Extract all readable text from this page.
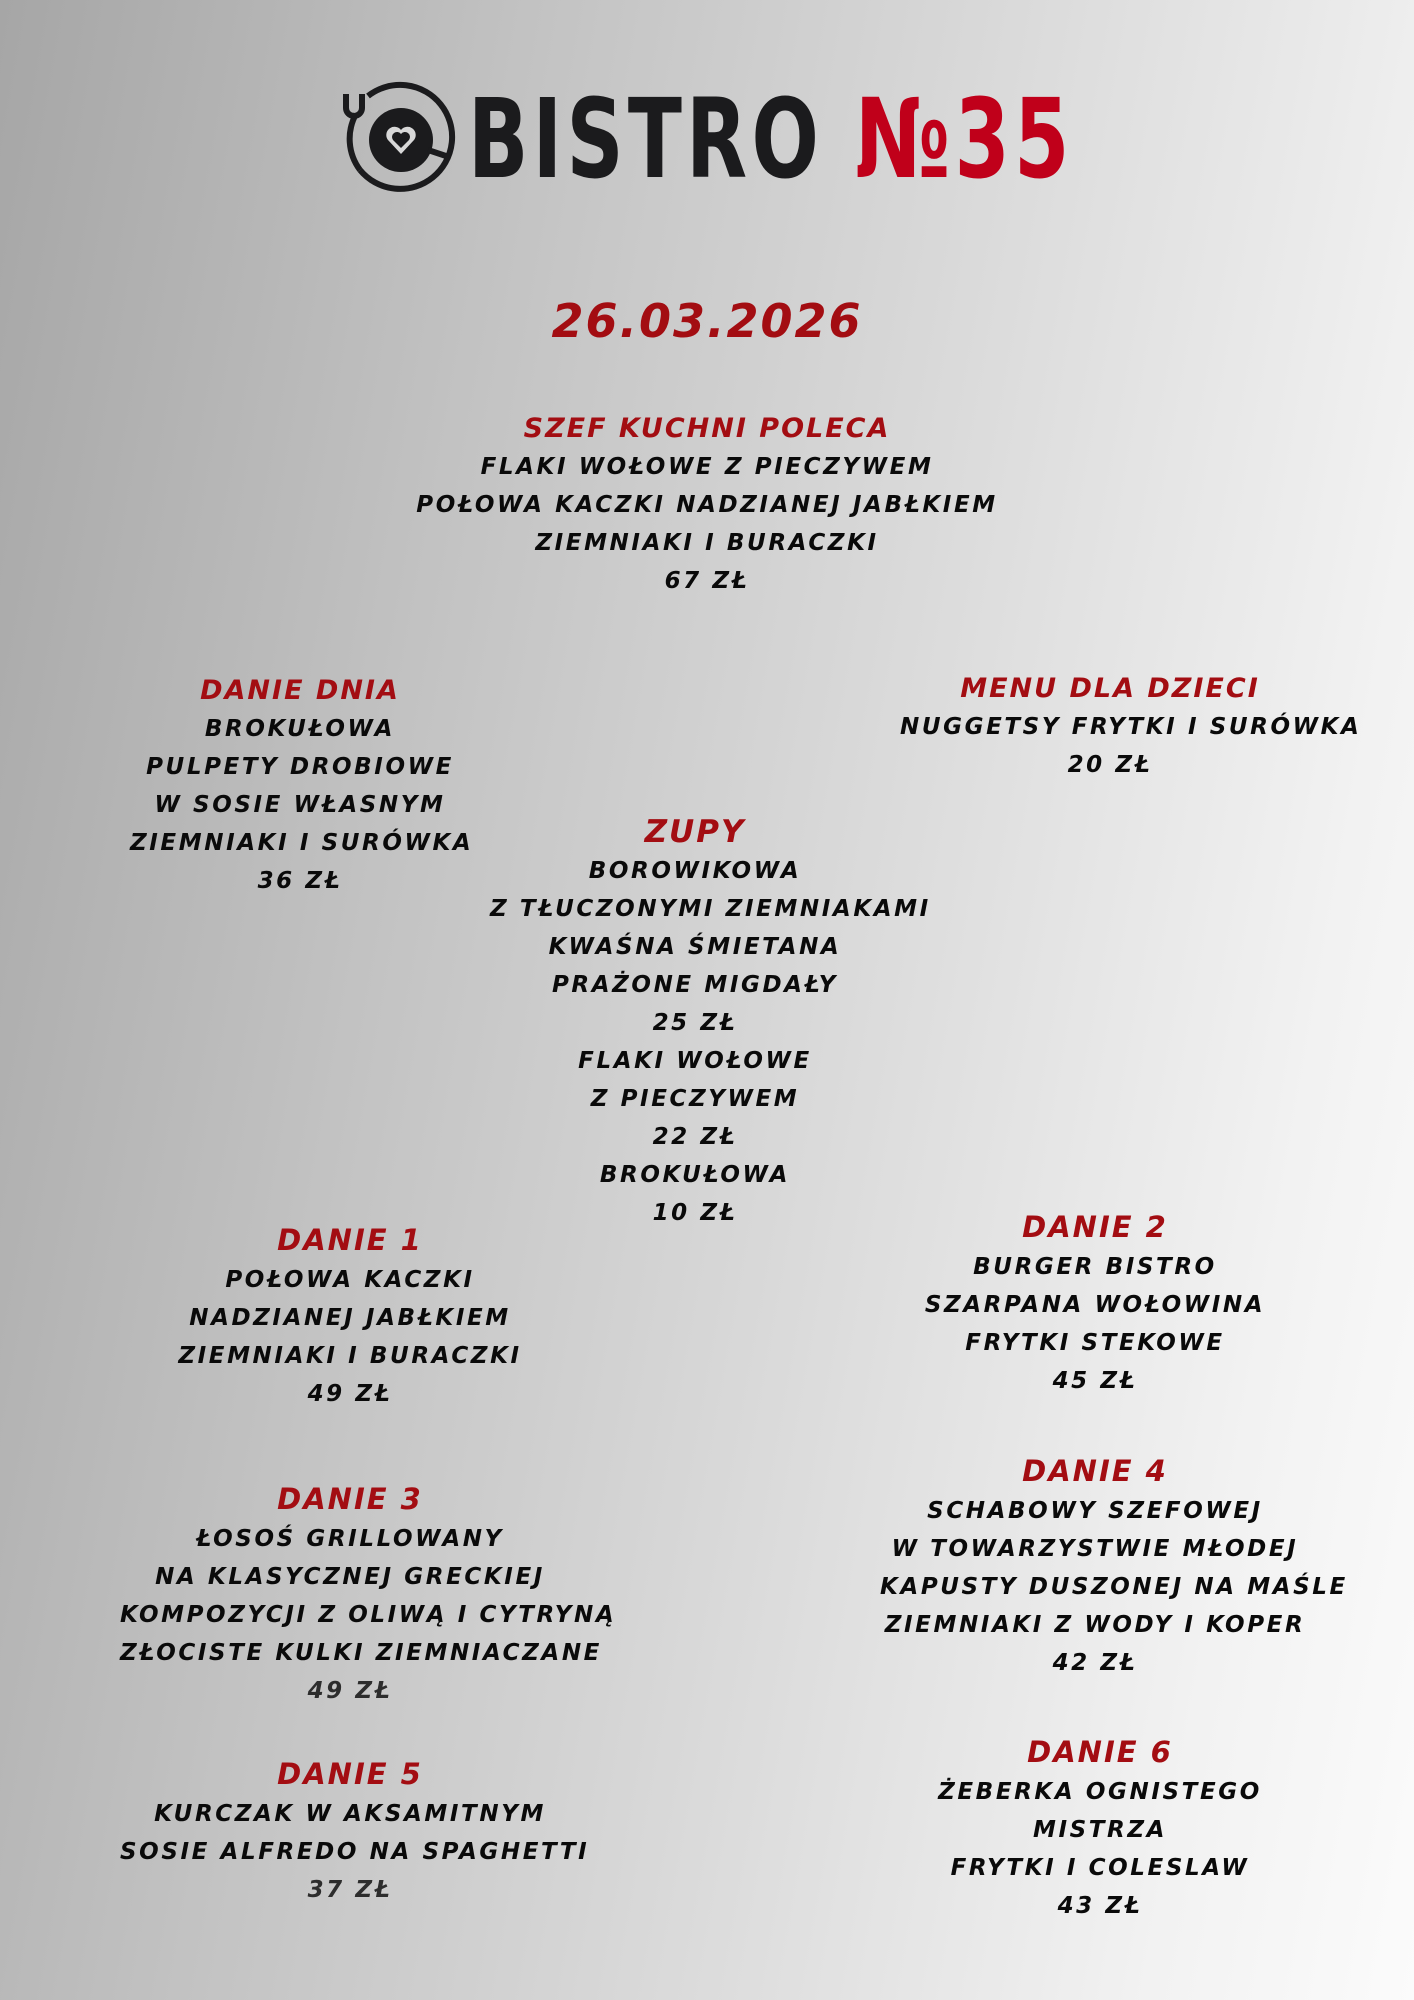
BISTRO №35
26.03.2026
SZEF KUCHNI POLECA
FLAKI WOŁOWE Z PIECZYWEM
POŁOWA KACZKI NADZIANEJ JABŁKIEM
ZIEMNIAKI I BURACZKI
67 ZŁ
DANIE DNIA
BROKUŁOWA
PULPETY DROBIOWE
W SOSIE WŁASNYM
ZIEMNIAKI I SURÓWKA
36 ZŁ
MENU DLA DZIECI
NUGGETSY FRYTKI I SURÓWKA
20 ZŁ
ZUPY
BOROWIKOWA
Z TŁUCZONYMI ZIEMNIAKAMI
KWAŚNA ŚMIETANA
PRAŻONE MIGDAŁY
25 ZŁ
FLAKI WOŁOWE
Z PIECZYWEM
22 ZŁ
BROKUŁOWA
10 ZŁ
DANIE 1
POŁOWA KACZKI
NADZIANEJ JABŁKIEM
ZIEMNIAKI I BURACZKI
49 ZŁ
DANIE 2
BURGER BISTRO
SZARPANA WOŁOWINA
FRYTKI STEKOWE
45 ZŁ
DANIE 3
ŁOSOŚ GRILLOWANY
NA KLASYCZNEJ GRECKIEJ
KOMPOZYCJI Z OLIWĄ I CYTRYNĄ
ZŁOCISTE KULKI ZIEMNIACZANE
49 ZŁ
DANIE 4
SCHABOWY SZEFOWEJ
W TOWARZYSTWIE MŁODEJ
KAPUSTY DUSZONEJ NA MAŚLE
ZIEMNIAKI Z WODY I KOPER
42 ZŁ
DANIE 5
KURCZAK W AKSAMITNYM
SOSIE ALFREDO NA SPAGHETTI
37 ZŁ
DANIE 6
ŻEBERKA OGNISTEGO
MISTRZA
FRYTKI I COLESLAW
43 ZŁ
